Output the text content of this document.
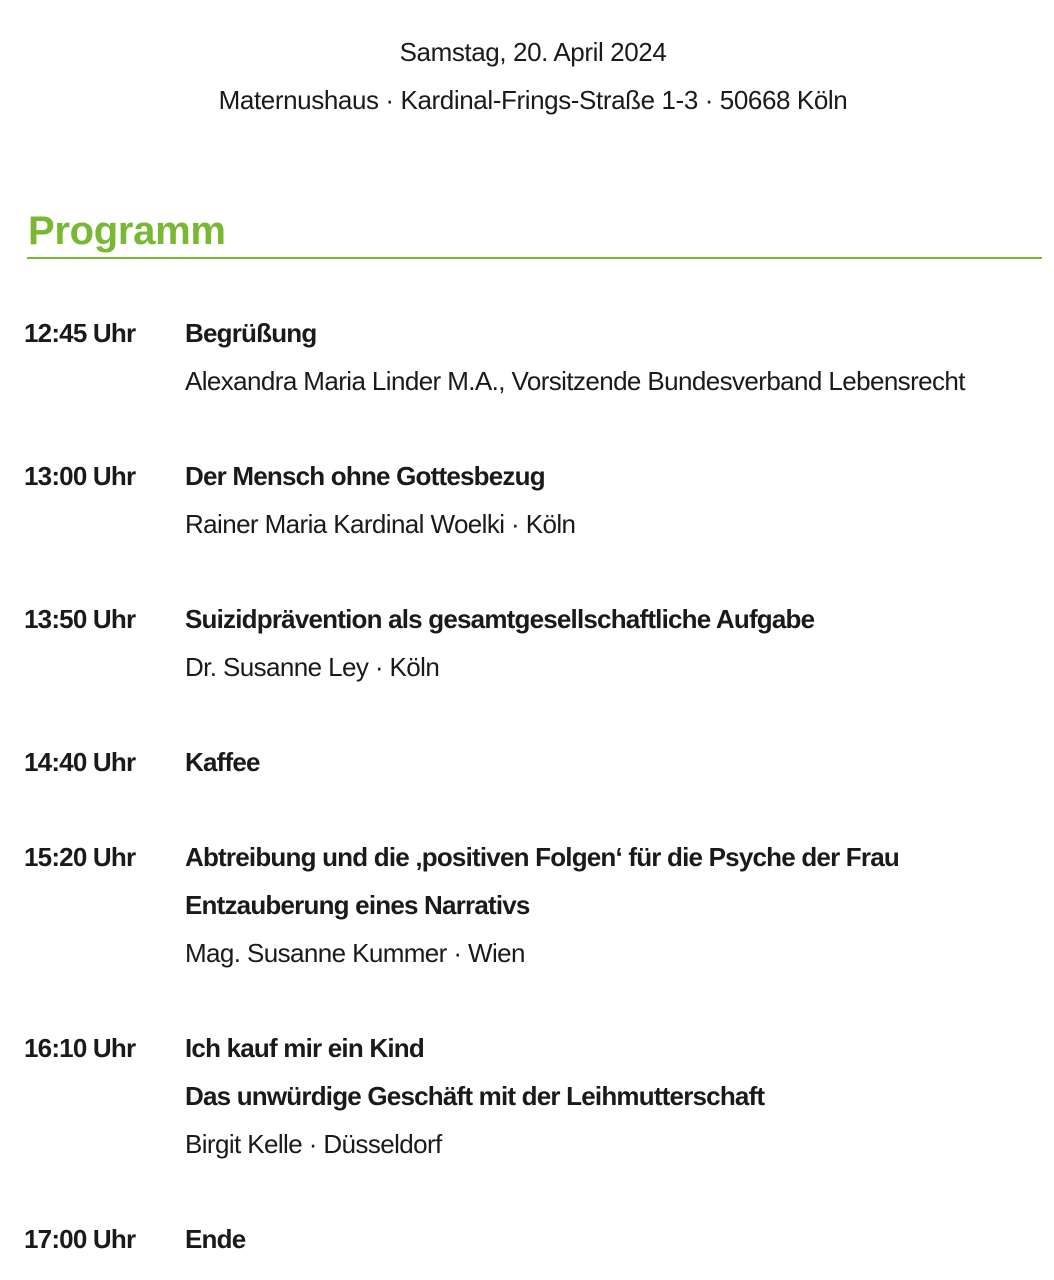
Samstag, 20. April 2024
Maternushaus · Kardinal-Frings-Straße 1-3 · 50668 Köln
Programm
12:45 Uhr Begrüßung
Alexandra Maria Linder M.A., Vorsitzende Bundesverband Lebensrecht
13:00 Uhr Der Mensch ohne Gottesbezug
Rainer Maria Kardinal Woelki · Köln
13:50 Uhr Suizidprävention als gesamtgesellschaftliche Aufgabe
Dr. Susanne Ley · Köln
14:40 Uhr Kaffee
15:20 Uhr Abtreibung und die ‚positiven Folgen‘ für die Psyche der Frau
Entzauberung eines Narrativs
Mag. Susanne Kummer · Wien
16:10 Uhr Ich kauf mir ein Kind
Das unwürdige Geschäft mit der Leihmutterschaft
Birgit Kelle · Düsseldorf
17:00 Uhr Ende
